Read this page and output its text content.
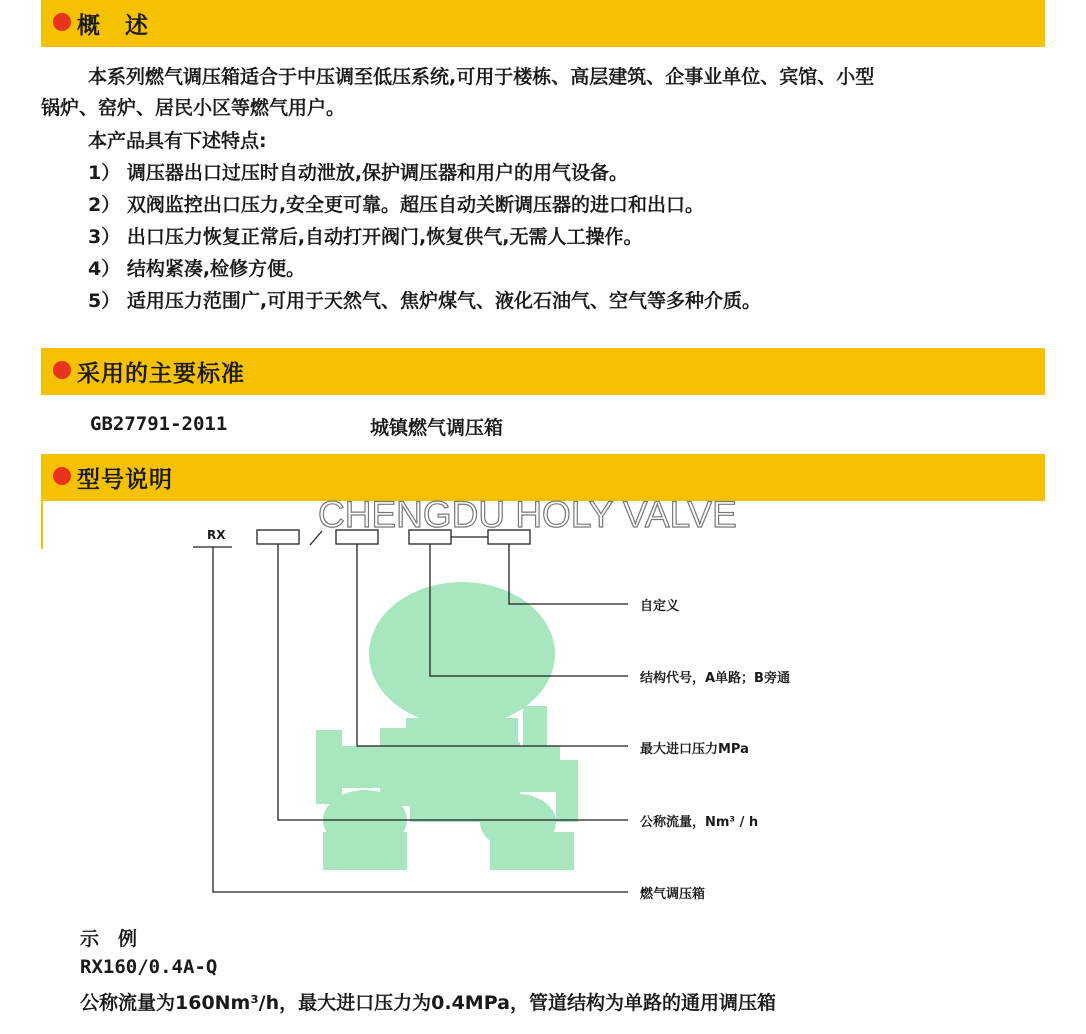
概　述
本系列燃气调压箱适合于中压调至低压系统,可用于楼栋、高层建筑、企事业单位、宾馆、小型
锅炉、窑炉、居民小区等燃气用户。
本产品具有下述特点:
1） 调压器出口过压时自动泄放,保护调压器和用户的用气设备。
2） 双阀监控出口压力,安全更可靠。超压自动关断调压器的进口和出口。
3） 出口压力恢复正常后,自动打开阀门,恢复供气,无需人工操作。
4） 结构紧凑,检修方便。
5） 适用压力范围广,可用于天然气、焦炉煤气、液化石油气、空气等多种介质。
采用的主要标准
GB27791-2011	城镇燃气调压箱
型号说明
RX	CHENGDU HOLY VALVE
自定义
结构代号，A单路；B旁通
最大进口压力MPa
公称流量，Nm³ / h
燃气调压箱
示　例
RX160/0.4A-Q
公称流量为160Nm³/h，最大进口压力为0.4MPa，管道结构为单路的通用调压箱
